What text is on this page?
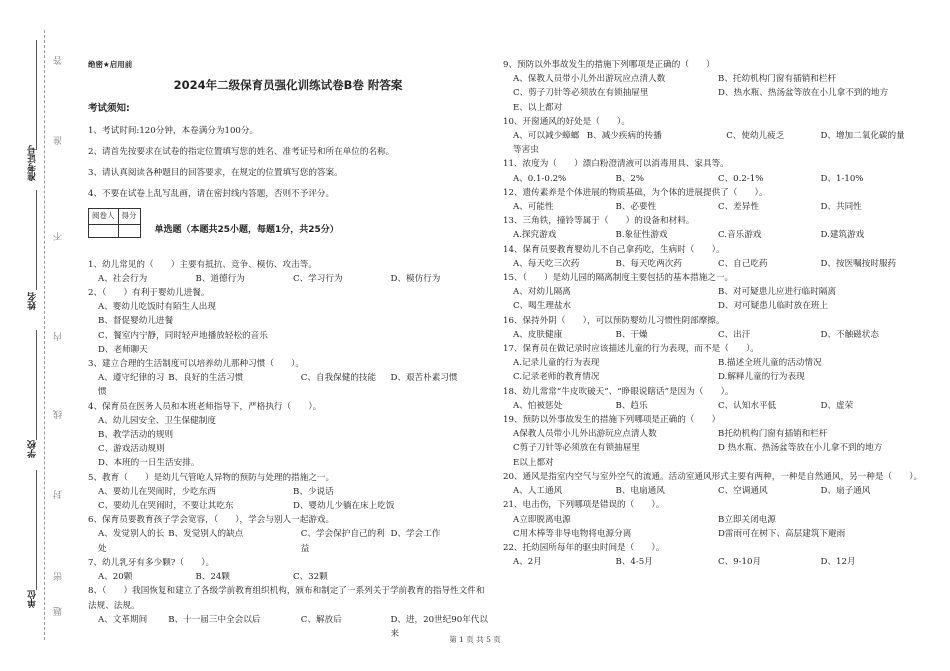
准考证号
姓名
学校
单位
答
准
不
内
线
封
密
题
绝密★启用前
2024年二级保育员强化训练试卷B卷 附答案
考试须知:
1、考试时间:120分钟，本卷满分为100分。
2、请首先按要求在试卷的指定位置填写您的姓名、准考证号和所在单位的名称。
3、请认真阅读各种题目的回答要求，在规定的位置填写您的答案。
4、不要在试卷上乱写乱画，请在密封线内答题，否则不予评分。
阅卷人	得分

单选题（本题共25小题，每题1分，共25分）
1、幼儿常见的（　　）主要有抵抗、竞争、模仿、攻击等。
A、社会行为	B、道德行为	C、学习行为	D、模仿行为
2、（　　）有利于婴幼儿进餐。
A、婴幼儿吃饭时有陌生人出现
B、督促婴幼儿进餐
C、餐室内宁静，同时轻声地播放轻松的音乐
D、老师聊天
3、建立合理的生活制度可以培养幼儿那种习惯（　　）。
A、遵守纪律的习惯
B、良好的生活习惯	C、自我保健的技能	D、艰苦朴素习惯
4、保育员在医务人员和本班老师指导下，严格执行（　　）。
A、幼儿园安全、卫生保健制度
B、教学活动的规则
C、游戏活动规则
D、本班的一日生活安排。
5、教育（　　）是幼儿气管呛人异物的预防与处理的措施之一。
A、要幼儿在哭闹时，少吃东西	B、少说话
C、要幼儿在哭闹时，不要让其吃东	D、婴幼儿少躺在床上吃饭
6、保育员要教育孩子学会宽容，（　　），学会与别人一起游戏。
A、发觉别人的长处
B、发觉别人的缺点	C、学会保护自己的利益
D、学会工作
7、幼儿乳牙有多少颗?（　　）。
A、20颗	B、24颗	C、32颗
8、（　　）我国恢复和建立了各级学前教育组织机构，颁布和制定了一系列关于学前教育的指导性文件和法规、法规。
A、文革期间	B、十一届三中全会以后	C、解放后	D、进，20世纪90年代以来
9、预防以外事故发生的措施下列哪项是正确的（　　）
A、保教人员带小儿外出游玩应点清人数	B、托幼机构门窗有插销和栏杆
C、剪子刀针等必须放在有锁抽屉里	D、热水瓶、热汤盆等放在小儿拿不到的地方
E、以上都对
10、开窗通风的好处是（　　）。
A、可以减少蟑螂等害虫
B、减少疾病的传播	C、使幼儿疲乏	D、增加二氧化碳的量
11、浓度为（　　）漂白粉澄清液可以消毒用具、家具等。
A、0.1-0.2%	B、2%	C、0.2-1%	D、1-10%
12、遗传素养是个体进展的物质基础，为个体的进展提供了（　　）。
A、可能性	B、必要性	C、差异性	D、共同性
13、三角铁，撞铃等属于（　　）的设备和材料。
A.探究游戏	B.象征性游戏	C.音乐游戏	D.建筑游戏
14、保育员要教育婴幼儿不自己拿药吃，生病时（　　）。
A、每天吃三次药	B、每天吃两次药	C、自己吃药	D、按医嘱按时服药
15、（　　）是幼儿园的隔离制度主要包括的基本措施之一。
A、对幼儿隔离	B、对可疑患儿应进行临时隔离
C、喝生理盐水	D、对可疑患儿临时放在班上
16、保持外阴（　　），可以预防婴幼儿习惯性阴部摩擦。
A、皮肤健康	B、干燥	C、出汗	D、不触磁状态
17、保育员在做记录时应该描述儿童的行为表现，而不是（　　）。
A.记录儿童的行为表现	B.描述全班儿童的活动情况
C.记录老师的教育情况	D.解释儿童的行为表现
18、幼儿常常“牛皮吹破天”、“睁眼说瞎话”是因为（　　）。
A、怕被惩处	B、趋乐	C、认知水平低	D、虚荣
19、预防以外事故发生的措施下列哪项是正确的（　　）
A保教人员带小儿外出游玩应点清人数	B托幼机构门窗有插销和栏杆
C剪子刀针等必须放在有锁抽屉里	D 热水瓶、热汤盆等放在小儿拿不到的地方
E以上都对
20、通风是指室内空气与室外空气的流通。活动室通风形式主要有两种，一种是自然通风，另一种是（　　）。
A、人工通风	B、电扇通风	C、空调通风	D、扇子通风
21、电击伤，下列哪项是错误的（　　）。
A立即脱离电源	B立即关闭电源
C用木棒等非导电物将电源分离	D雷雨可在树下、高层建筑下避雨
22、托幼园所每年的驱虫时间是（　　）。
A、2月	B、4-5月	C、9-10月	D、12月
第 1 页 共 5 页
